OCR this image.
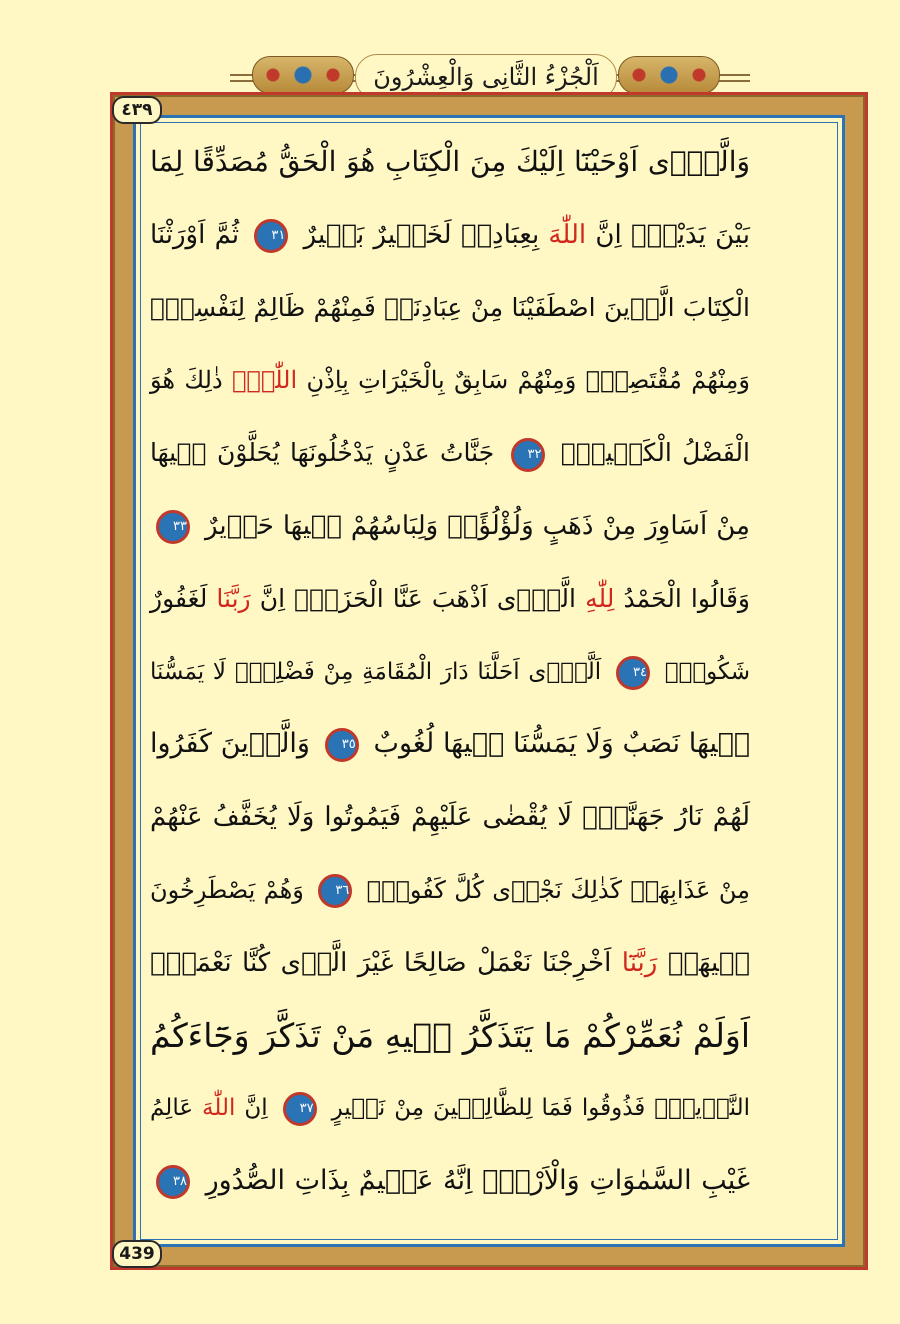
اَلْجُزْءُ الثَّانِى وَالْعِشْرُونَ
٤٣٩
439
وَالَّذٖٓى اَوْحَيْنَٓا اِلَيْكَ مِنَ الْكِتَابِ هُوَ الْحَقُّ مُصَدِّقًا لِمَا
بَيْنَ يَدَيْهِۜ اِنَّ اللّٰهَ بِعِبَادِهٖ لَخَبٖيرٌ بَصٖيرٌ ٣١ ثُمَّ اَوْرَثْنَا
الْكِتَابَ الَّذٖينَ اصْطَفَيْنَا مِنْ عِبَادِنَاۚ فَمِنْهُمْ ظَالِمٌ لِنَفْسِهٖۚ
وَمِنْهُمْ مُقْتَصِدٌۚ وَمِنْهُمْ سَابِقٌ بِالْخَيْرَاتِ بِاِذْنِ اللّٰهِۜ ذٰلِكَ هُوَ
الْفَضْلُ الْكَبٖيرُۜ ٣٢ جَنَّاتُ عَدْنٍ يَدْخُلُونَهَا يُحَلَّوْنَ فٖيهَا
مِنْ اَسَاوِرَ مِنْ ذَهَبٍ وَلُؤْلُؤًاۚ وَلِبَاسُهُمْ فٖيهَا حَرٖيرٌ ٣٣
وَقَالُوا الْحَمْدُ لِلّٰهِ الَّذٖٓى اَذْهَبَ عَنَّا الْحَزَنَۜ اِنَّ رَبَّنَا لَغَفُورٌ
شَكُورٌۙ ٣٤ اَلَّذٖٓى اَحَلَّنَا دَارَ الْمُقَامَةِ مِنْ فَضْلِهٖۚ لَا يَمَسُّنَا
فٖيهَا نَصَبٌ وَلَا يَمَسُّنَا فٖيهَا لُغُوبٌ ٣٥ وَالَّذٖينَ كَفَرُوا
لَهُمْ نَارُ جَهَنَّمَۚ لَا يُقْضٰى عَلَيْهِمْ فَيَمُوتُوا وَلَا يُخَفَّفُ عَنْهُمْ
مِنْ عَذَابِهَاۜ كَذٰلِكَ نَجْزٖى كُلَّ كَفُورٍۚ ٣٦ وَهُمْ يَصْطَرِخُونَ
فٖيهَاۚ رَبَّنَٓا اَخْرِجْنَا نَعْمَلْ صَالِحًا غَيْرَ الَّذٖى كُنَّا نَعْمَلُۜ
اَوَلَمْ نُعَمِّرْكُمْ مَا يَتَذَكَّرُ فٖيهِ مَنْ تَذَكَّرَ وَجَٓاءَكُمُ
النَّذٖيرُۜ فَذُوقُوا فَمَا لِلظَّالِمٖينَ مِنْ نَصٖيرٍ ٣٧ اِنَّ اللّٰهَ عَالِمُ
غَيْبِ السَّمٰوَاتِ وَالْاَرْضِۜ اِنَّهُ عَلٖيمٌ بِذَاتِ الصُّدُورِ ٣٨
